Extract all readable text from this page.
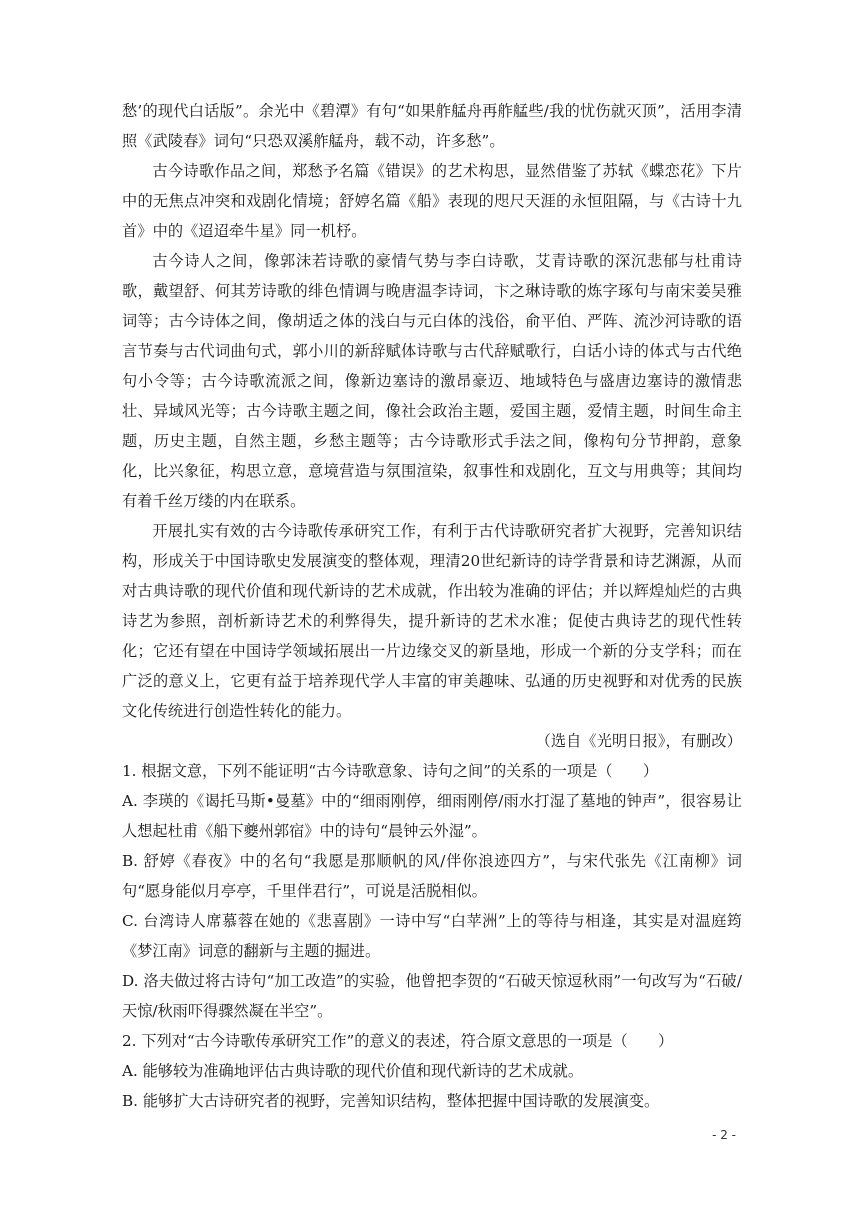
愁’的现代白话版”。余光中《碧潭》有句“如果舴艋舟再舴艋些/我的忧伤就灭顶”，活用李清照《武陵春》词句“只恐双溪舴艋舟，载不动，许多愁”。

古今诗歌作品之间，郑愁予名篇《错误》的艺术构思，显然借鉴了苏轼《蝶恋花》下片中的无焦点冲突和戏剧化情境；舒婷名篇《船》表现的咫尺天涯的永恒阻隔，与《古诗十九首》中的《迢迢牵牛星》同一机杼。

古今诗人之间，像郭沫若诗歌的豪情气势与李白诗歌，艾青诗歌的深沉悲郁与杜甫诗歌，戴望舒、何其芳诗歌的绯色情调与晚唐温李诗词，卞之琳诗歌的炼字琢句与南宋姜吴雅词等；古今诗体之间，像胡适之体的浅白与元白体的浅俗，俞平伯、严阵、流沙河诗歌的语言节奏与古代词曲句式，郭小川的新辞赋体诗歌与古代辞赋歌行，白话小诗的体式与古代绝句小令等；古今诗歌流派之间，像新边塞诗的激昂豪迈、地域特色与盛唐边塞诗的激情悲壮、异域风光等；古今诗歌主题之间，像社会政治主题，爱国主题，爱情主题，时间生命主题，历史主题，自然主题，乡愁主题等；古今诗歌形式手法之间，像构句分节押韵，意象化，比兴象征，构思立意，意境营造与氛围渲染，叙事性和戏剧化，互文与用典等；其间均有着千丝万缕的内在联系。

开展扎实有效的古今诗歌传承研究工作，有利于古代诗歌研究者扩大视野，完善知识结构，形成关于中国诗歌史发展演变的整体观，理清20世纪新诗的诗学背景和诗艺渊源，从而对古典诗歌的现代价值和现代新诗的艺术成就，作出较为准确的评估；并以辉煌灿烂的古典诗艺为参照，剖析新诗艺术的利弊得失，提升新诗的艺术水准；促使古典诗艺的现代性转化；它还有望在中国诗学领域拓展出一片边缘交叉的新垦地，形成一个新的分支学科；而在广泛的意义上，它更有益于培养现代学人丰富的审美趣味、弘通的历史视野和对优秀的民族文化传统进行创造性转化的能力。

（选自《光明日报》，有删改）

1. 根据文意，下列不能证明“古今诗歌意象、诗句之间”的关系的一项是（　　）

A. 李瑛的《谒托马斯•曼墓》中的“细雨刚停，细雨刚停/雨水打湿了墓地的钟声”，很容易让人想起杜甫《船下夔州郭宿》中的诗句“晨钟云外湿”。

B. 舒婷《春夜》中的名句“我愿是那顺帆的风/伴你浪迹四方”，与宋代张先《江南柳》词句“愿身能似月亭亭，千里伴君行”，可说是活脱相似。

C. 台湾诗人席慕蓉在她的《悲喜剧》一诗中写“白苹洲”上的等待与相逢，其实是对温庭筠《梦江南》词意的翻新与主题的掘进。

D. 洛夫做过将古诗句“加工改造”的实验，他曾把李贺的“石破天惊逗秋雨”一句改写为“石破/天惊/秋雨吓得骤然凝在半空”。

2. 下列对“古今诗歌传承研究工作”的意义的表述，符合原文意思的一项是（　　）

A. 能够较为准确地评估古典诗歌的现代价值和现代新诗的艺术成就。

B. 能够扩大古诗研究者的视野，完善知识结构，整体把握中国诗歌的发展演变。

- 2 -
